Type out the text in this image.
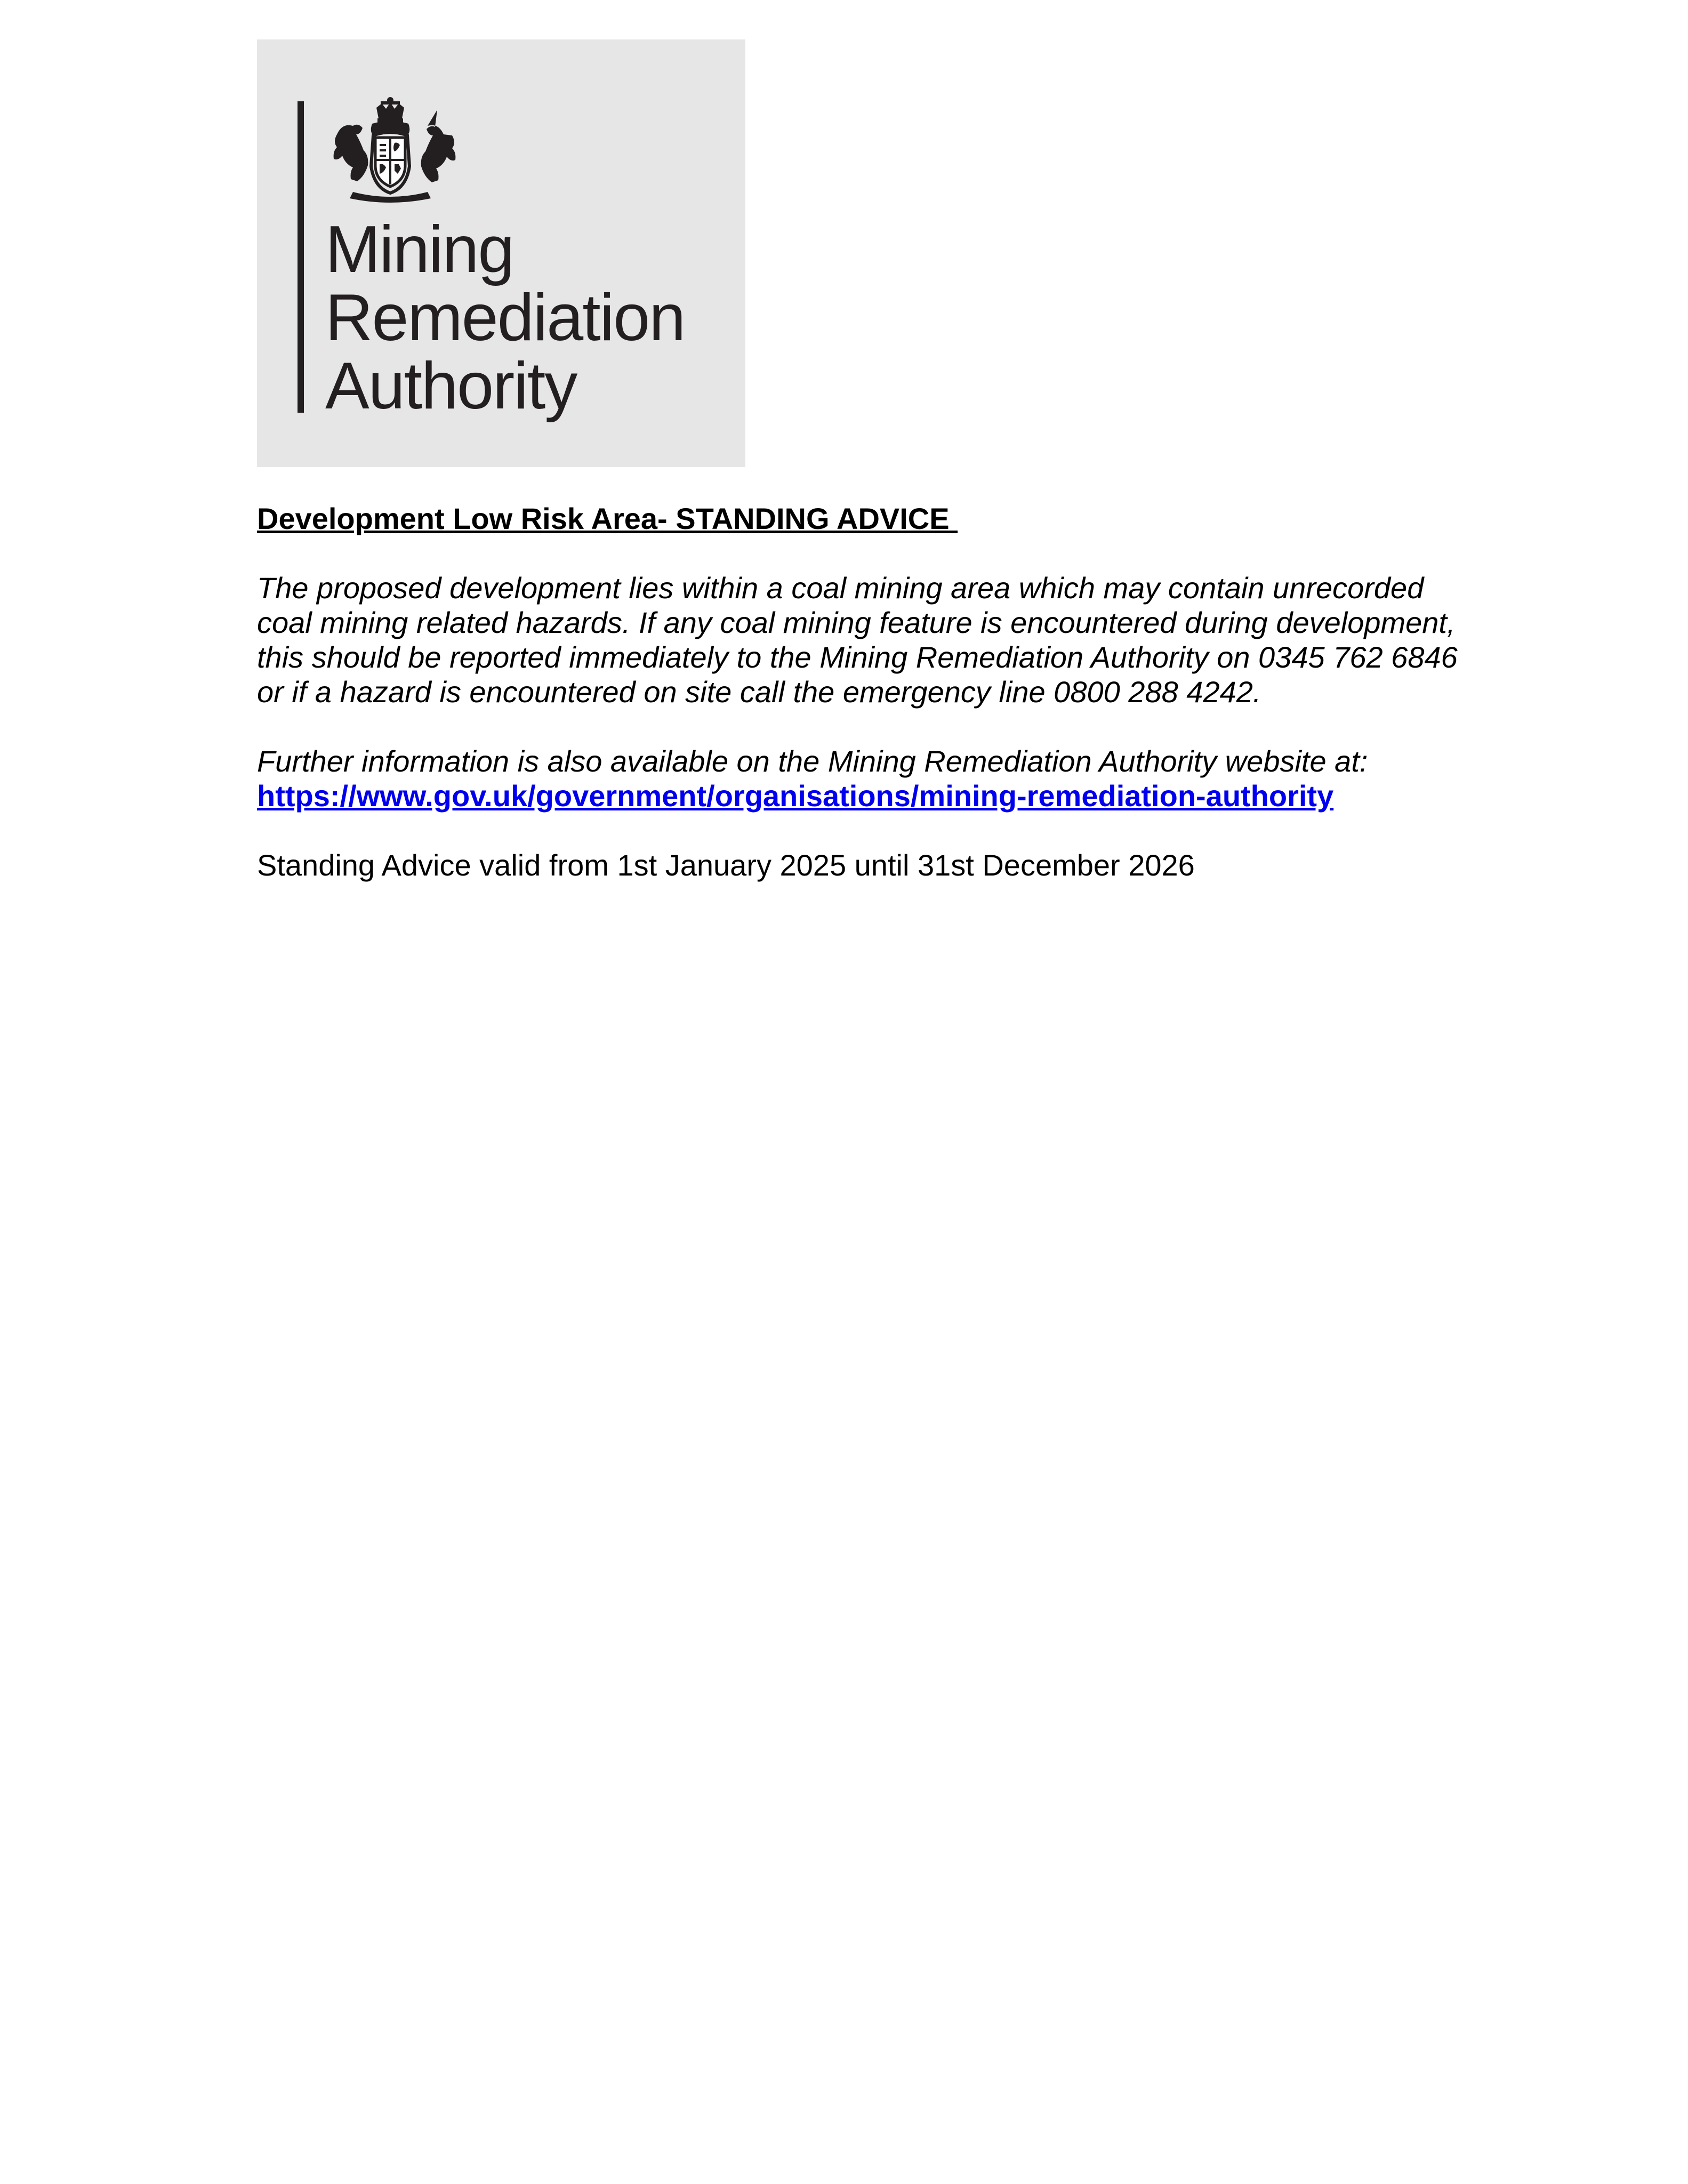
Mining
Remediation
Authority

Development Low Risk Area- STANDING ADVICE

The proposed development lies within a coal mining area which may contain unrecorded coal mining related hazards. If any coal mining feature is encountered during development, this should be reported immediately to the Mining Remediation Authority on 0345 762 6846 or if a hazard is encountered on site call the emergency line 0800 288 4242.

Further information is also available on the Mining Remediation Authority website at:
https://www.gov.uk/government/organisations/mining-remediation-authority

Standing Advice valid from 1st January 2025 until 31st December 2026
